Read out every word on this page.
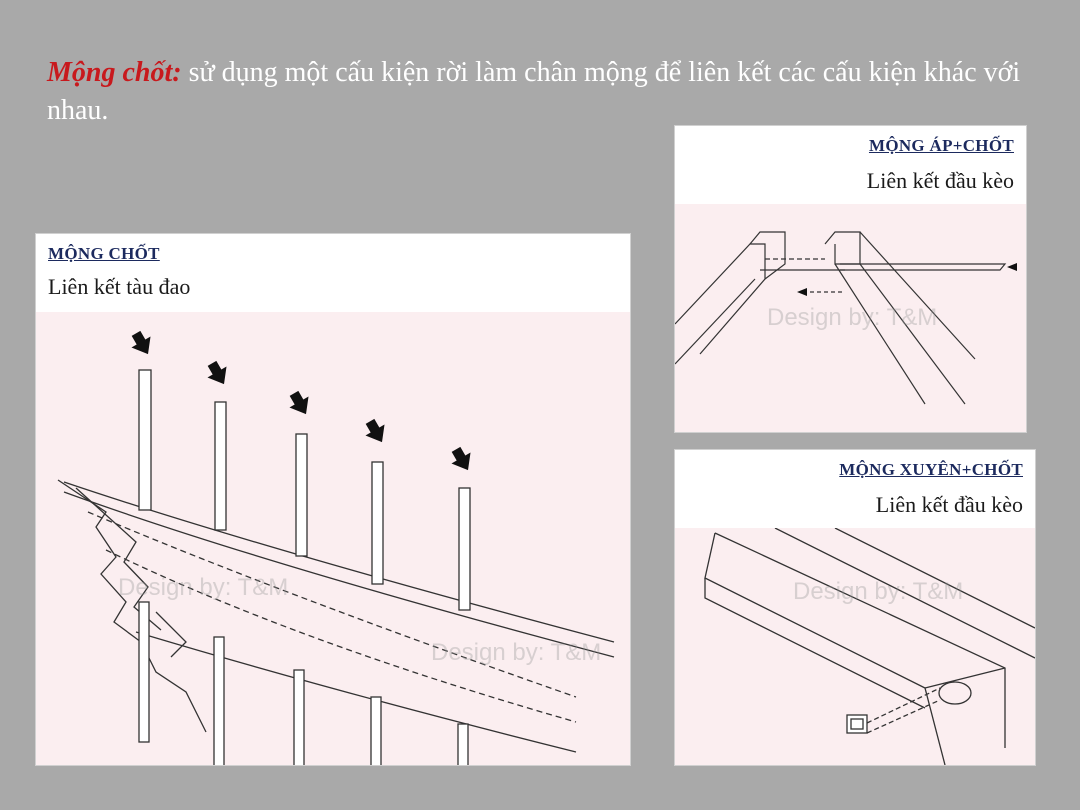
Mộng chốt: sử dụng một cấu kiện rời làm chân mộng để liên kết các cấu kiện khác với nhau.
MỘNG CHỐT
Liên kết tàu đao
Design by: T&M
Design by: T&M
MỘNG ÁP+CHỐT
Liên kết đầu kèo
Design by: T&M
MỘNG XUYÊN+CHỐT
Liên kết đầu kèo
Design by: T&M
